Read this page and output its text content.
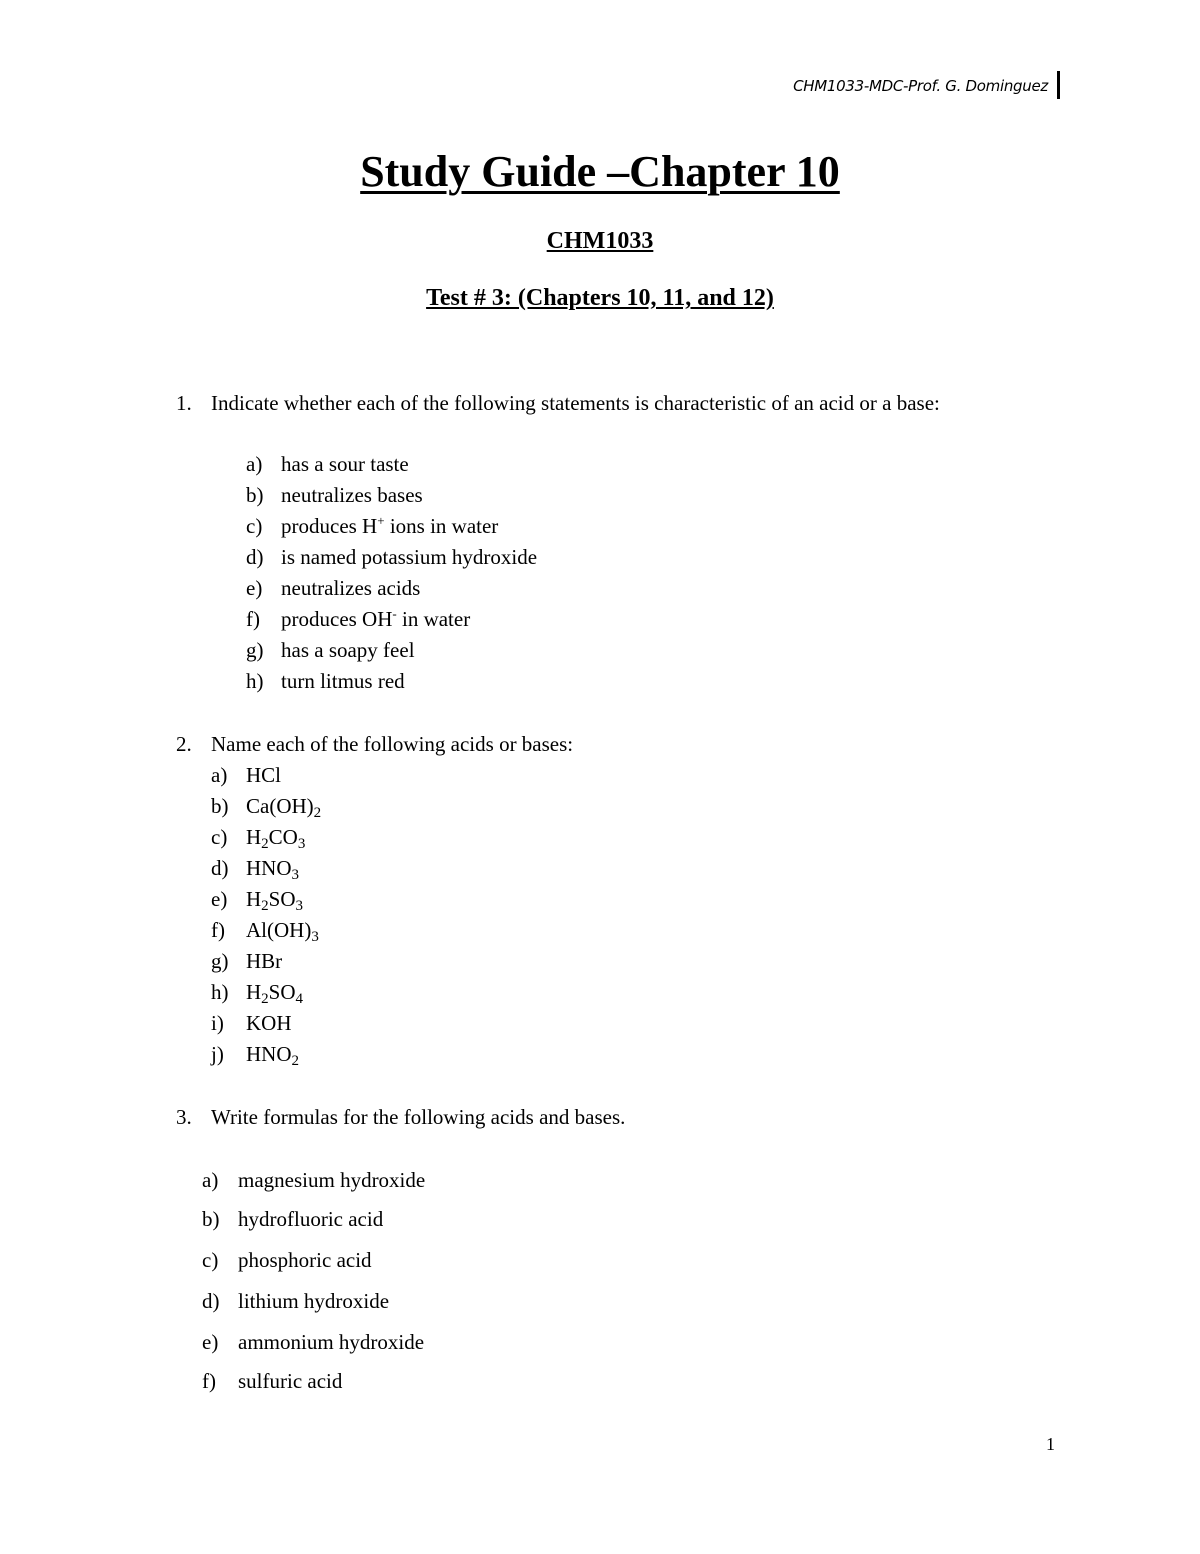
CHM1033-MDC-Prof. G. Dominguez
Study Guide –Chapter 10
CHM1033
Test # 3: (Chapters 10, 11, and 12)
1. Indicate whether each of the following statements is characteristic of an acid or a base:
a) has a sour taste
b) neutralizes bases
c) produces H+ ions in water
d) is named potassium hydroxide
e) neutralizes acids
f) produces OH- in water
g) has a soapy feel
h) turn litmus red
2. Name each of the following acids or bases:
a) HCl
b) $Ca(OH)_2$
c) $H_2CO_3$
d) $HNO_3$
e) $H_2SO_3$
f) $Al(OH)_3$
g) HBr
h) $H_2SO_4$
i) KOH
j) $HNO_2$
3. Write formulas for the following acids and bases.
a) magnesium hydroxide
b) hydrofluoric acid
c) phosphoric acid
d) lithium hydroxide
e) ammonium hydroxide
f) sulfuric acid
1
